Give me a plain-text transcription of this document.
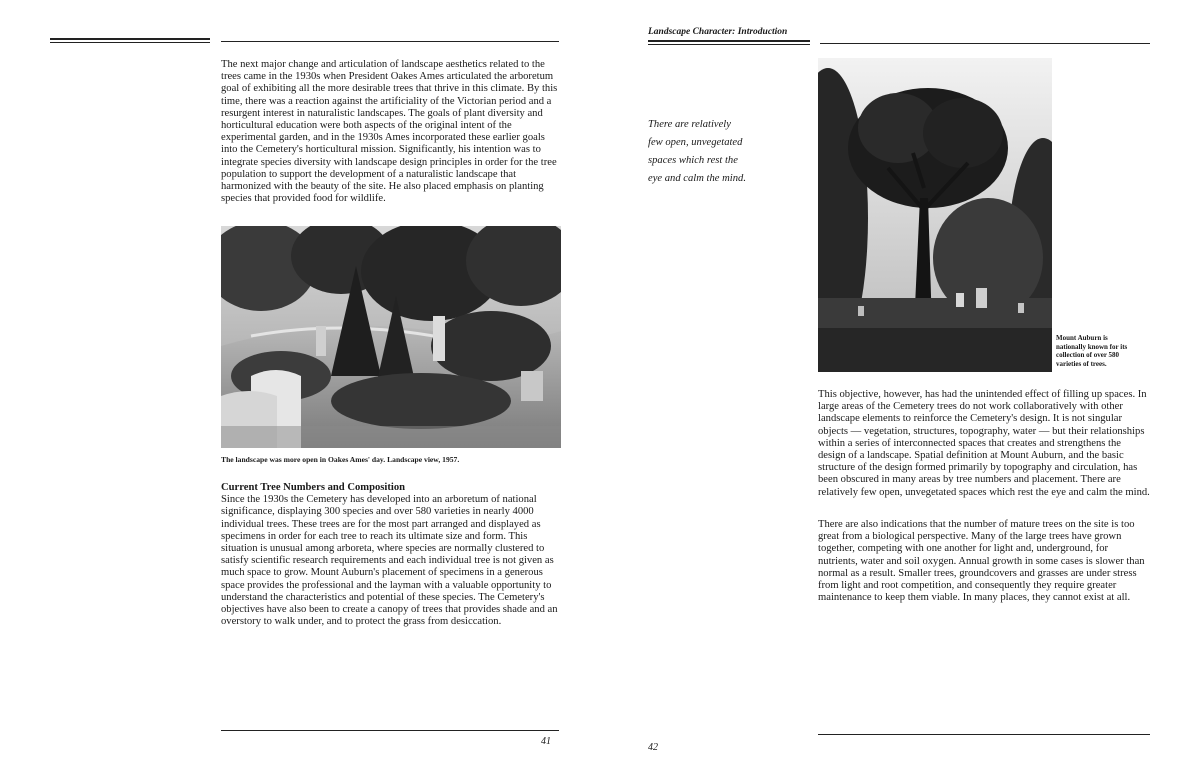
The next major change and articulation of landscape aesthetics related to the trees came in the 1930s when President Oakes Ames articulated the arboretum goal of exhibiting all the more desirable trees that thrive in this climate. By this time, there was a reaction against the artificiality of the Victorian period and a resurgent interest in naturalistic landscapes. The goals of plant diversity and horticultural education were both aspects of the original intent of the experimental garden, and in the 1930s Ames incorporated these earlier goals into the Cemetery's horticultural mission. Significantly, his intention was to integrate species diversity with landscape design principles in order for the tree population to support the development of a naturalistic landscape that harmonized with the beauty of the site. He also placed emphasis on planting species that provided food for wildlife.

The landscape was more open in Oakes Ames' day. Landscape view, 1957.
Current Tree Numbers and Composition

Since the 1930s the Cemetery has developed into an arboretum of national significance, displaying 300 species and over 580 varieties in nearly 4000 individual trees. These trees are for the most part arranged and displayed as specimens in order for each tree to reach its ultimate size and form. This situation is unusual among arboreta, where species are normally clustered to satisfy scientific research requirements and each individual tree is not given as much space to grow. Mount Auburn's placement of specimens in a generous space provides the professional and the layman with a valuable opportunity to understand the characteristics and potential of these species. The Cemetery's objectives have also been to create a canopy of trees that provides shade and an overstory to walk under, and to protect the grass from desiccation.

41
Landscape Character: Introduction
There are relatively few open, unvegetated spaces which rest the eye and calm the mind.
Mount Auburn is nationally known for its collection of over 580 varieties of trees.

This objective, however, has had the unintended effect of filling up spaces. In large areas of the Cemetery trees do not work collaboratively with other landscape elements to reinforce the Cemetery's design. It is not singular objects — vegetation, structures, topography, water — but their relationships within a series of interconnected spaces that creates and strengthens the design of a landscape. Spatial definition at Mount Auburn, and the basic structure of the design formed primarily by topography and circulation, has been obscured in many areas by tree numbers and placement. There are relatively few open, unvegetated spaces which rest the eye and calm the mind.

There are also indications that the number of mature trees on the site is too great from a biological perspective. Many of the large trees have grown together, competing with one another for light and, underground, for nutrients, water and soil oxygen. Annual growth in some cases is slower than normal as a result. Smaller trees, groundcovers and grasses are under stress from light and root competition, and consequently they require greater maintenance to keep them viable. In many places, they cannot exist at all.

42
